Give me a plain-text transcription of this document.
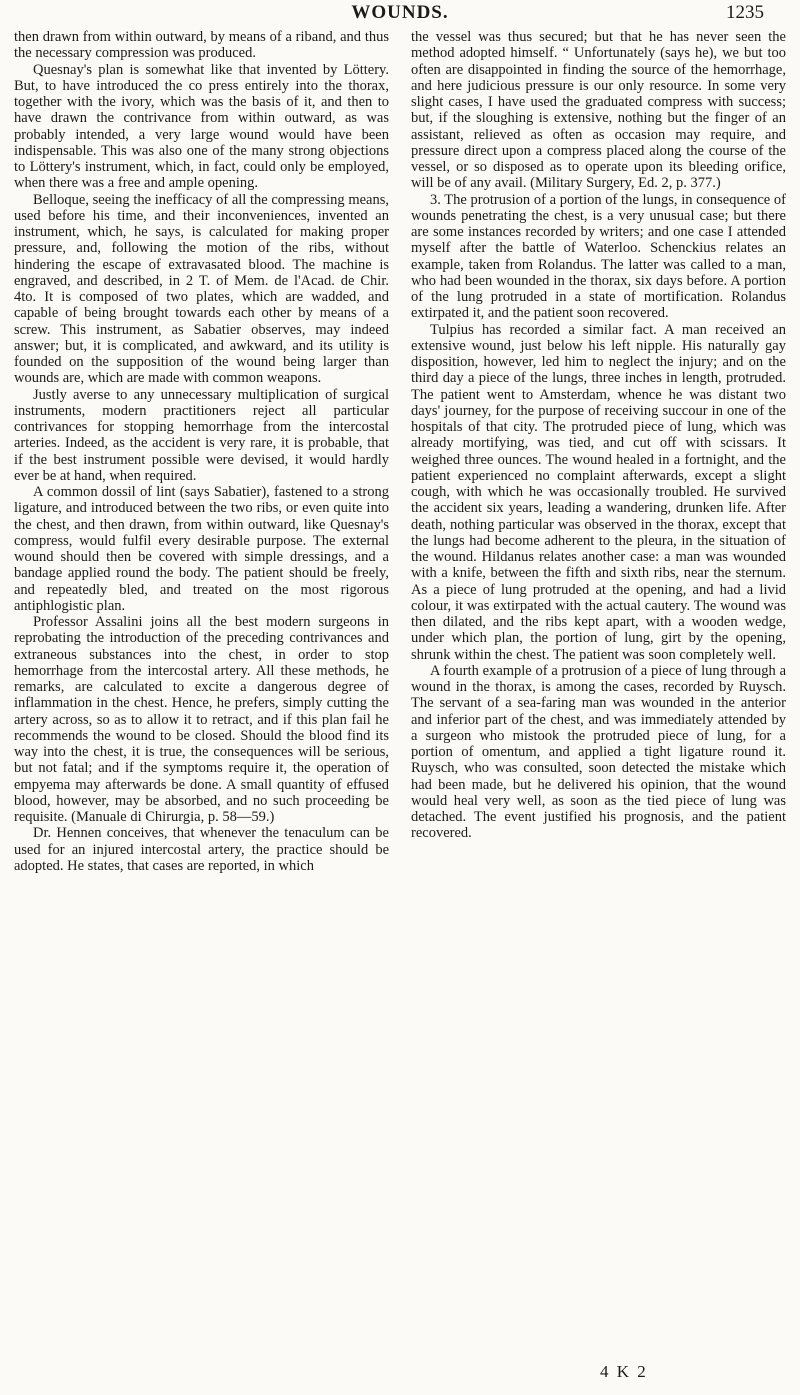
WOUNDS.	1235

then drawn from within outward, by means of a riband, and thus the necessary compression was produced.

Quesnay's plan is somewhat like that invented by Löttery. But, to have introduced the co press entirely into the thorax, together with the ivory, which was the basis of it, and then to have drawn the contrivance from within outward, as was probably intended, a very large wound would have been indispensable. This was also one of the many strong objections to Löttery's instrument, which, in fact, could only be employed, when there was a free and ample opening.

Belloque, seeing the inefficacy of all the compressing means, used before his time, and their inconveniences, invented an instrument, which, he says, is calculated for making proper pressure, and, following the motion of the ribs, without hindering the escape of extravasated blood. The machine is engraved, and described, in 2 T. of Mem. de l'Acad. de Chir. 4to. It is composed of two plates, which are wadded, and capable of being brought towards each other by means of a screw. This instrument, as Sabatier observes, may indeed answer; but, it is complicated, and awkward, and its utility is founded on the supposition of the wound being larger than wounds are, which are made with common weapons.

Justly averse to any unnecessary multiplication of surgical instruments, modern practitioners reject all particular contrivances for stopping hemorrhage from the intercostal arteries. Indeed, as the accident is very rare, it is probable, that if the best instrument possible were devised, it would hardly ever be at hand, when required.

A common dossil of lint (says Sabatier), fastened to a strong ligature, and introduced between the two ribs, or even quite into the chest, and then drawn, from within outward, like Quesnay's compress, would fulfil every desirable purpose. The external wound should then be covered with simple dressings, and a bandage applied round the body. The patient should be freely, and repeatedly bled, and treated on the most rigorous antiphlogistic plan.

Professor Assalini joins all the best modern surgeons in reprobating the introduction of the preceding contrivances and extraneous substances into the chest, in order to stop hemorrhage from the intercostal artery. All these methods, he remarks, are calculated to excite a dangerous degree of inflammation in the chest. Hence, he prefers, simply cutting the artery across, so as to allow it to retract, and if this plan fail he recommends the wound to be closed. Should the blood find its way into the chest, it is true, the consequences will be serious, but not fatal; and if the symptoms require it, the operation of empyema may afterwards be done. A small quantity of effused blood, however, may be absorbed, and no such proceeding be requisite. (Manuale di Chirurgia, p. 58—59.)

Dr. Hennen conceives, that whenever the tenaculum can be used for an injured intercostal artery, the practice should be adopted. He states, that cases are reported, in which

the vessel was thus secured; but that he has never seen the method adopted himself. “ Unfortunately (says he), we but too often are disappointed in finding the source of the hemorrhage, and here judicious pressure is our only resource. In some very slight cases, I have used the graduated compress with success; but, if the sloughing is extensive, nothing but the finger of an assistant, relieved as often as occasion may require, and pressure direct upon a compress placed along the course of the vessel, or so disposed as to operate upon its bleeding orifice, will be of any avail. (Military Surgery, Ed. 2, p. 377.)

3. The protrusion of a portion of the lungs, in consequence of wounds penetrating the chest, is a very unusual case; but there are some instances recorded by writers; and one case I attended myself after the battle of Waterloo. Schenckius relates an example, taken from Rolandus. The latter was called to a man, who had been wounded in the thorax, six days before. A portion of the lung protruded in a state of mortification. Rolandus extirpated it, and the patient soon recovered.

Tulpius has recorded a similar fact. A man received an extensive wound, just below his left nipple. His naturally gay disposition, however, led him to neglect the injury; and on the third day a piece of the lungs, three inches in length, protruded. The patient went to Amsterdam, whence he was distant two days' journey, for the purpose of receiving succour in one of the hospitals of that city. The protruded piece of lung, which was already mortifying, was tied, and cut off with scissars. It weighed three ounces. The wound healed in a fortnight, and the patient experienced no complaint afterwards, except a slight cough, with which he was occasionally troubled. He survived the accident six years, leading a wandering, drunken life. After death, nothing particular was observed in the thorax, except that the lungs had become adherent to the pleura, in the situation of the wound. Hildanus relates another case: a man was wounded with a knife, between the fifth and sixth ribs, near the sternum. As a piece of lung protruded at the opening, and had a livid colour, it was extirpated with the actual cautery. The wound was then dilated, and the ribs kept apart, with a wooden wedge, under which plan, the portion of lung, girt by the opening, shrunk within the chest. The patient was soon completely well.

A fourth example of a protrusion of a piece of lung through a wound in the thorax, is among the cases, recorded by Ruysch. The servant of a sea-faring man was wounded in the anterior and inferior part of the chest, and was immediately attended by a surgeon who mistook the protruded piece of lung, for a portion of omentum, and applied a tight ligature round it. Ruysch, who was consulted, soon detected the mistake which had been made, but he delivered his opinion, that the wound would heal very well, as soon as the tied piece of lung was detached. The event justified his prognosis, and the patient recovered.

4 K 2
